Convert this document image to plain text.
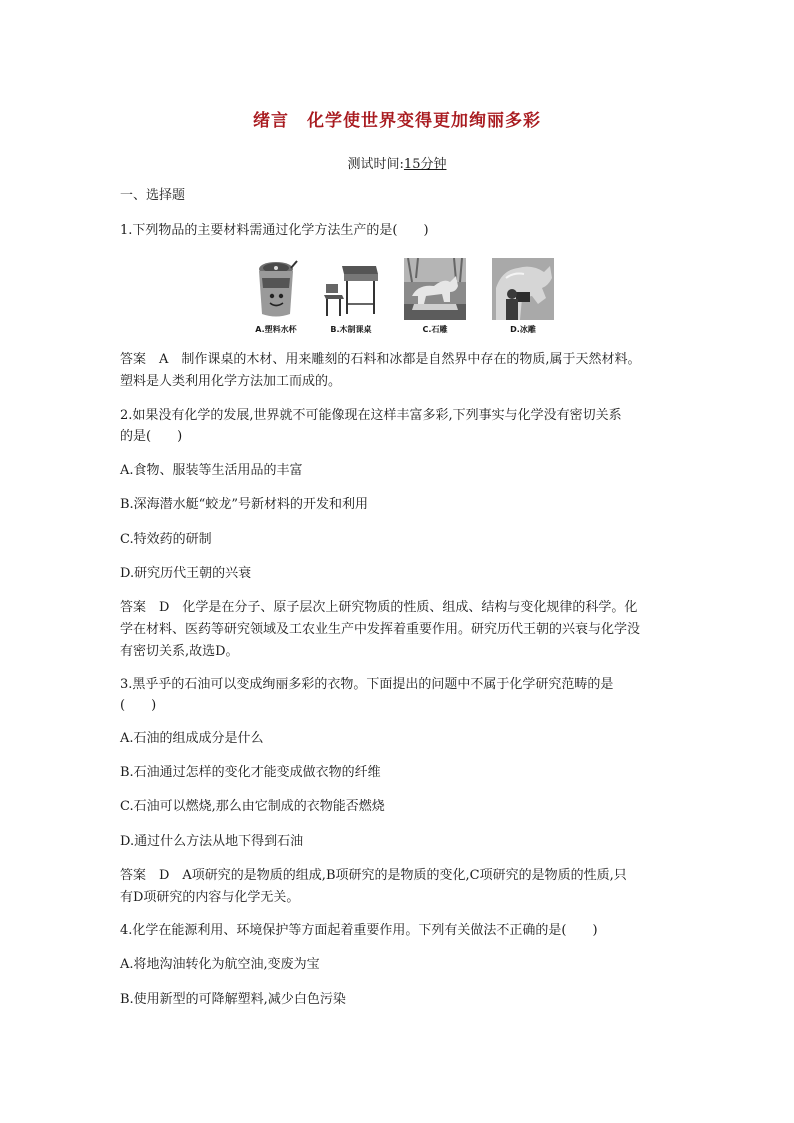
绪言　化学使世界变得更加绚丽多彩
测试时间:15分钟
一、选择题
1.下列物品的主要材料需通过化学方法生产的是(　　)
A.塑料水杯	B.木制课桌	C.石雕	D.冰雕
答案　A　制作课桌的木材、用来雕刻的石料和冰都是自然界中存在的物质,属于天然材料。
塑料是人类利用化学方法加工而成的。
2.如果没有化学的发展,世界就不可能像现在这样丰富多彩,下列事实与化学没有密切关系
的是(　　)
A.食物、服装等生活用品的丰富
B.深海潜水艇“蛟龙”号新材料的开发和利用
C.特效药的研制
D.研究历代王朝的兴衰
答案　D　化学是在分子、原子层次上研究物质的性质、组成、结构与变化规律的科学。化
学在材料、医药等研究领域及工农业生产中发挥着重要作用。研究历代王朝的兴衰与化学没
有密切关系,故选D。
3.黑乎乎的石油可以变成绚丽多彩的衣物。下面提出的问题中不属于化学研究范畴的是
(　　)
A.石油的组成成分是什么
B.石油通过怎样的变化才能变成做衣物的纤维
C.石油可以燃烧,那么由它制成的衣物能否燃烧
D.通过什么方法从地下得到石油
答案　D　A项研究的是物质的组成,B项研究的是物质的变化,C项研究的是物质的性质,只
有D项研究的内容与化学无关。
4.化学在能源利用、环境保护等方面起着重要作用。下列有关做法不正确的是(　　)
A.将地沟油转化为航空油,变废为宝
B.使用新型的可降解塑料,减少白色污染
